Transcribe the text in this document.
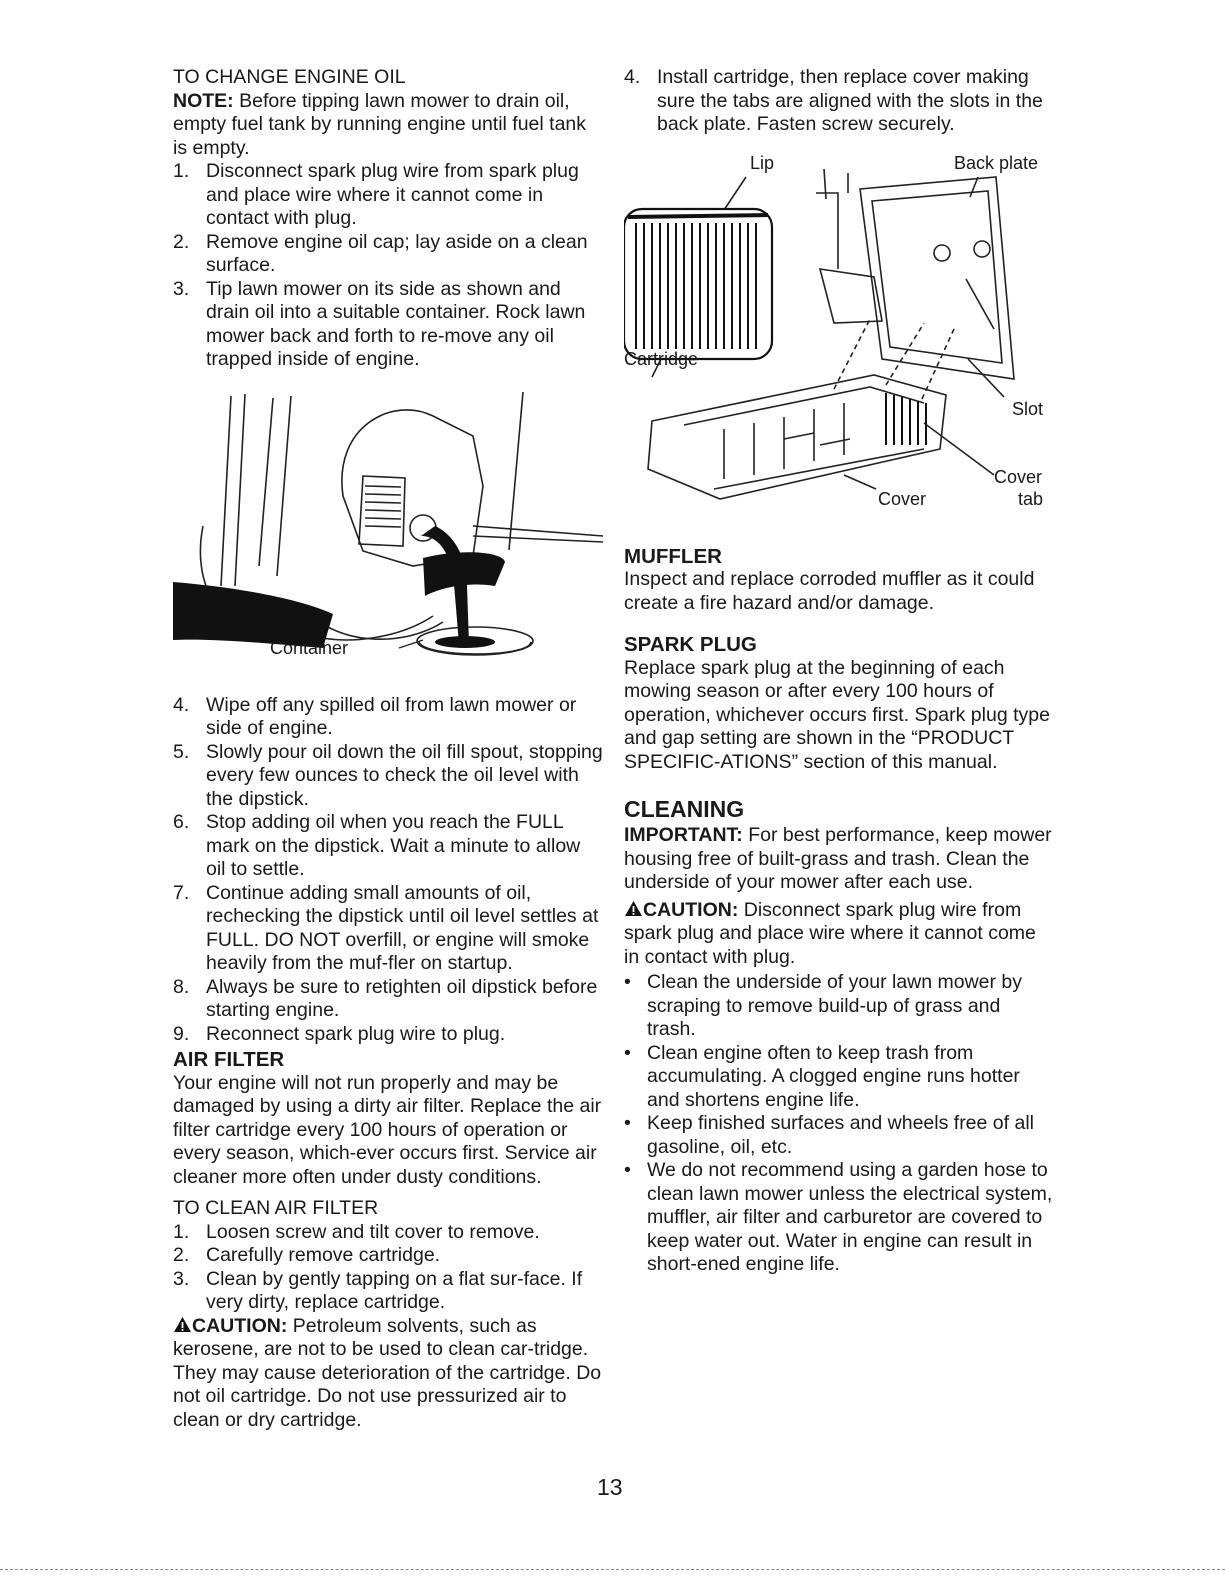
TO CHANGE ENGINE OIL

NOTE: Before tipping lawn mower to drain oil, empty fuel tank by running engine until fuel tank is empty.

1. Disconnect spark plug wire from spark plug and place wire where it cannot come in contact with plug.
2. Remove engine oil cap; lay aside on a clean surface.
3. Tip lawn mower on its side as shown and drain oil into a suitable container. Rock lawn mower back and forth to re-move any oil trapped inside of engine.
Container
4. Wipe off any spilled oil from lawn mower or side of engine.
5. Slowly pour oil down the oil fill spout, stopping every few ounces to check the oil level with the dipstick.
6. Stop adding oil when you reach the FULL mark on the dipstick. Wait a minute to allow oil to settle.
7. Continue adding small amounts of oil, rechecking the dipstick until oil level settles at FULL. DO NOT overfill, or engine will smoke heavily from the muf-fler on startup.
8. Always be sure to retighten oil dipstick before starting engine.
9. Reconnect spark plug wire to plug.

AIR FILTER

Your engine will not run properly and may be damaged by using a dirty air filter. Replace the air filter cartridge every 100 hours of operation or every season, which-ever occurs first. Service air cleaner more often under dusty conditions.

TO CLEAN AIR FILTER

1. Loosen screw and tilt cover to remove.
2. Carefully remove cartridge.
3. Clean by gently tapping on a flat sur-face. If very dirty, replace cartridge.

CAUTION: Petroleum solvents, such as kerosene, are not to be used to clean car-tridge. They may cause deterioration of the cartridge. Do not oil cartridge. Do not use pressurized air to clean or dry cartridge.

4. Install cartridge, then replace cover making sure the tabs are aligned with the slots in the back plate. Fasten screw securely.
Lip	Back plate
Cartridge
Slot
Cover
Cover
tab

MUFFLER

Inspect and replace corroded muffler as it could create a fire hazard and/or damage.

SPARK PLUG

Replace spark plug at the beginning of each mowing season or after every 100 hours of operation, whichever occurs first. Spark plug type and gap setting are shown in the “PRODUCT SPECIFIC-ATIONS” section of this manual.

CLEANING

IMPORTANT: For best performance, keep mower housing free of built-grass and trash. Clean the underside of your mower after each use.

CAUTION: Disconnect spark plug wire from spark plug and place wire where it cannot come in contact with plug.

• Clean the underside of your lawn mower by scraping to remove build-up of grass and trash.
• Clean engine often to keep trash from accumulating. A clogged engine runs hotter and shortens engine life.
• Keep finished surfaces and wheels free of all gasoline, oil, etc.
• We do not recommend using a garden hose to clean lawn mower unless the electrical system, muffler, air filter and carburetor are covered to keep water out. Water in engine can result in short-ened engine life.
13
